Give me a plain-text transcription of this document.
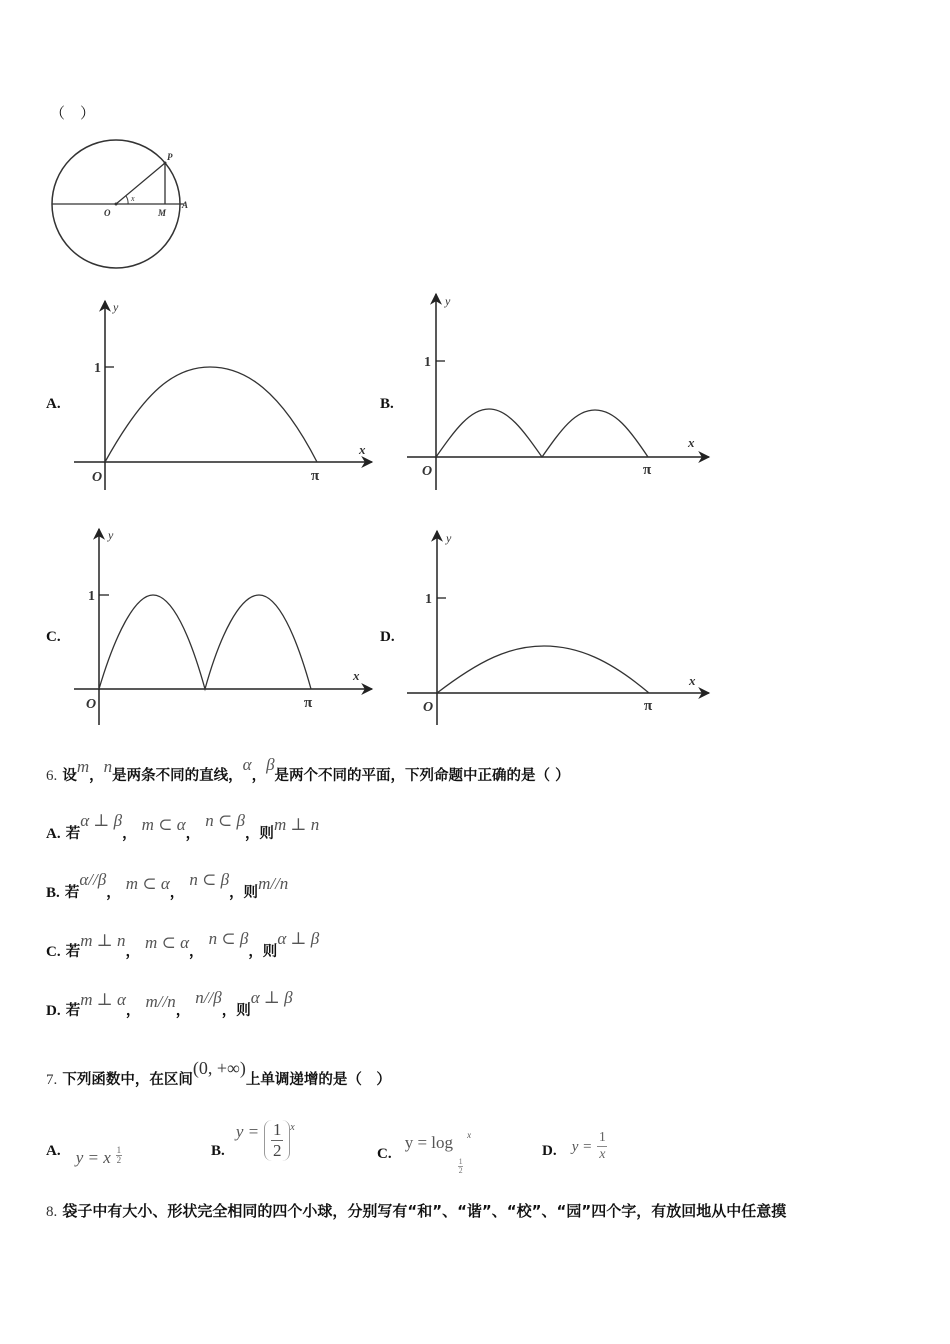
（　）
P
O	M
A
x
A.	B.
C.	D.
1
y
x
O	π
1
y
x
O	π
1
y
x
O	π
1
y
x
O	π
6. 设m，n是两条不同的直线，α，β是两个不同的平面，下列命题中正确的是（ ）
A. 若α ⊥ β， m ⊂ α， n ⊂ β，则m ⊥ n
B. 若α//β， m ⊂ α， n ⊂ β，则m//n
C. 若m ⊥ n， m ⊂ α， n ⊂ β，则α ⊥ β
D. 若m ⊥ α， m//n， n//β，则α ⊥ β
7. 下列函数中，在区间(0, +∞)上单调递增的是（　）
A. y = x $\frac{1}{2}$	B. $y = \frac{1}{2} ^x$
C. y = log
$\frac{1}{2}$
$^x$
D. $y = \frac{1}{x}$
8. 袋子中有大小、形状完全相同的四个小球，分别写有“和”、“谐”、“校”、“园”四个字，有放回地从中任意摸
